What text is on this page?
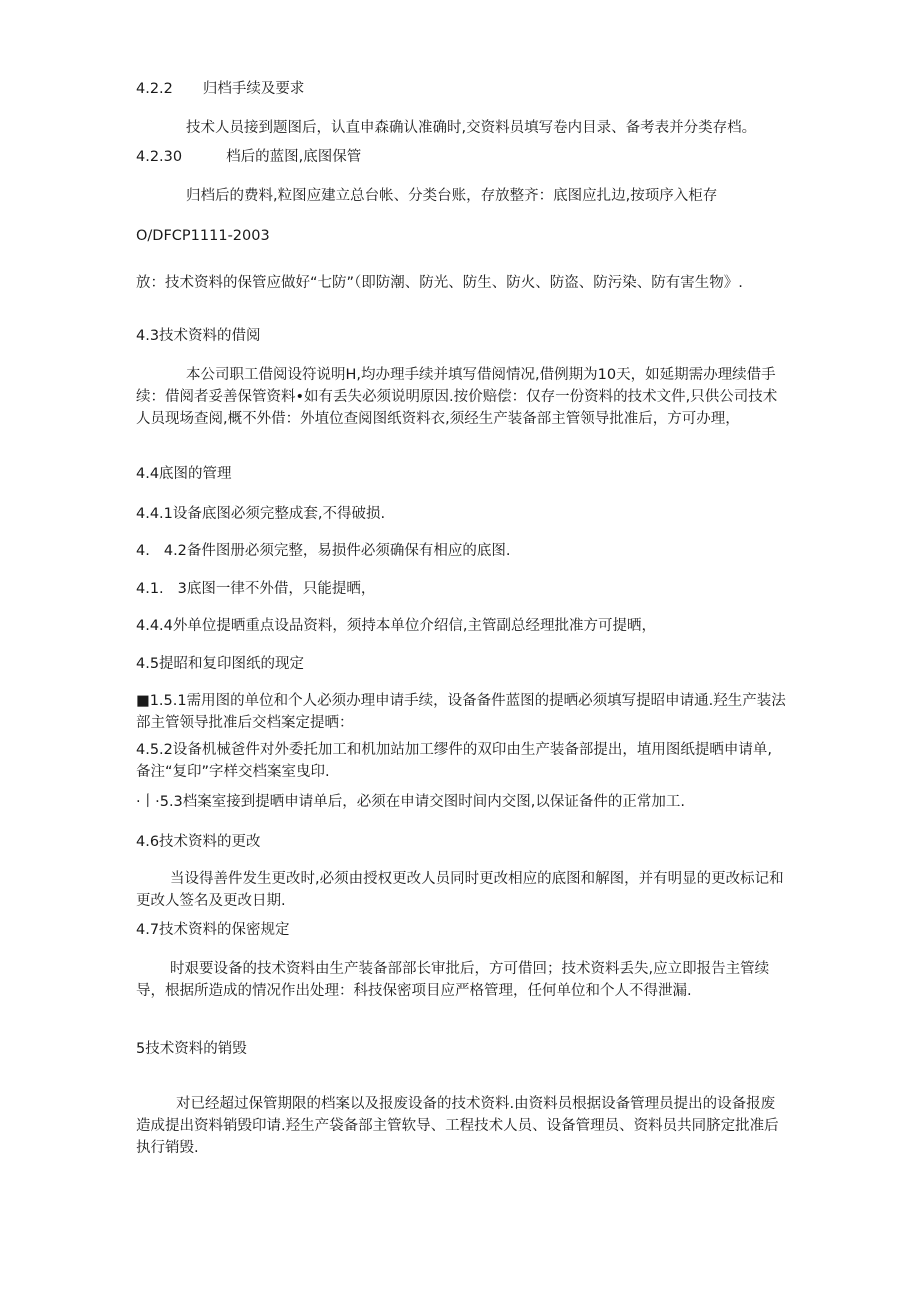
4.2.2 归档手续及要求

技术人员接到题图后，认直申森确认准确时,交资料员填写卷内目录、备考表并分类存档。

4.2.30	档后的蓝图,底图保管

归档后的费料,粒图应建立总台帐、分类台账，存放整齐：底图应扎边,按顼序入柜存

O/DFCP1111-2003

放：技术资料的保管应做好“七防”（即防潮、防光、防生、防火、防盗、防污染、防有害生物》.

4.3技术资料的借阅

本公司职工借阅设符说明H,均办理手续并填写借阅情况,借例期为10天，如延期需办理续借手续：借阅者妥善保管资料•如有丢失必须说明原因.按价赔偿：仅存一份资料的技术文件,只供公司技术人员现场查阅,概不外借：外埴位查阅图纸资料衣,须经生产装备部主管领导批准后，方可办理，

4.4底图的管理

4.4.1设备底图必须完整成套,不得破损.

4. 4.2备件图册必须完整，易损件必须确保有相应的底图.

4.1. 3底图一律不外借，只能提晒，

4.4.4外单位提晒重点设品资料，须持本单位介绍信,主管副总经理批准方可提晒，

4.5提昭和复印图纸的现定

■1.5.1需用图的单位和个人必须办理申请手续，设备备件蓝图的提晒必须填写提昭申请通.羟生产装法部主管领导批准后交档案定提晒：

4.5.2设备机械爸件对外委托加工和机加站加工缪件的双印由生产装备部提出，埴用图纸提晒申请单,备注“复印”字样交档案室曳印.

·丨·5.3档案室接到提晒申请单后，必须在申请交图时间内交图,以保证备件的正常加工.

4.6技术资料的更改

当设得善件发生更改时,必须由授权更改人员同时更改相应的底图和解图，并有明显的更改标记和更改人签名及更改日期.

4.7技术资料的保密规定

时艰要设备的技术资料由生产装备部部长审批后，方可借回；技术资料丢失,应立即报告主管续导，根据所造成的情况作出处理：科技保密项目应严格管理，任何单位和个人不得泄漏.

5技术资料的销毁

对已经超过保管期限的档案以及报废设备的技术资料.由资料员根据设备管理员提出的设备报废造成提出资料销毁印请.羟生产袋备部主管软导、工程技术人员、设备管理员、资料员共同脐定批准后执行销毁.
